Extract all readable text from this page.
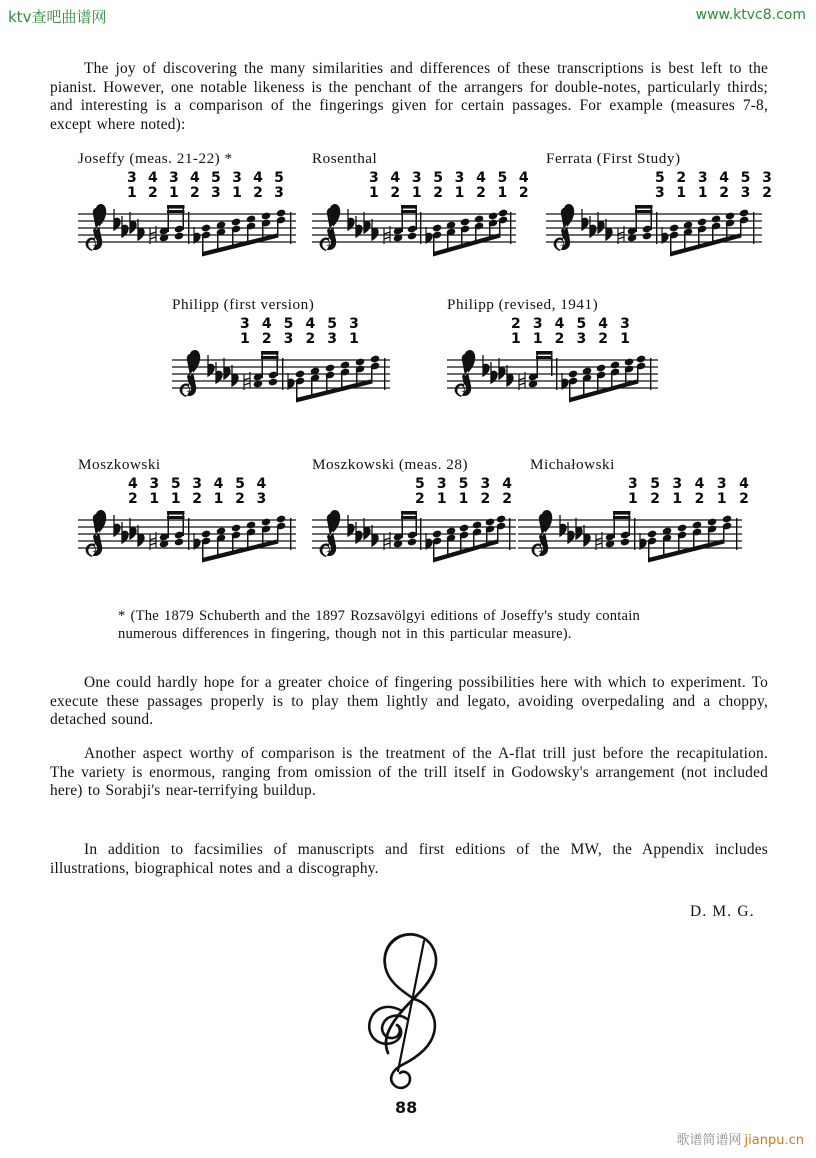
ktv查吧曲谱网	www.ktvc8.com

The joy of discovering the many similarities and differences of these transcriptions is best left to the pianist. However, one notable likeness is the penchant of the arrangers for double-notes, particularly thirds; and interesting is a comparison of the fingerings given for certain passages. For example (measures 7-8, except where noted):

Joseffy (meas. 21-22) *
3 4 3 4 5 3 4 5
1 2 1 2 3 1 2 3
Rosenthal
3 4 3 5 3 4 5 4
1 2 1 2 1 2 1 2
Ferrata (First Study)
5 2 3 4 5 3
3 1 1 2 3 2
Philipp (first version)
3 4 5 4 5 3
1 2 3 2 3 1
Philipp (revised, 1941)
2 3 4 5 4 3
1 1 2 3 2 1
Moszkowski
4 3 5 3 4 5 4
2 1 1 2 1 2 3
Moszkowski (meas. 28)
5 3 5 3 4
2 1 1 2 2
Michałowski
3 5 3 4 3 4
1 2 1 2 1 2

* (The 1879 Schuberth and the 1897 Rozsavölgyi editions of Joseffy's study contain numerous differences in fingering, though not in this particular measure).

One could hardly hope for a greater choice of fingering possibilities here with which to experiment. To execute these passages properly is to play them lightly and legato, avoiding overpedaling and a choppy, detached sound.

Another aspect worthy of comparison is the treatment of the A-flat trill just before the recapitulation. The variety is enormous, ranging from omission of the trill itself in Godowsky's arrangement (not included here) to Sorabji's near-terrifying buildup.

In addition to facsimilies of manuscripts and first editions of the MW, the Appendix includes illustrations, biographical notes and a discography.

D. M. G.
88
歌谱简谱网 jianpu.cn
